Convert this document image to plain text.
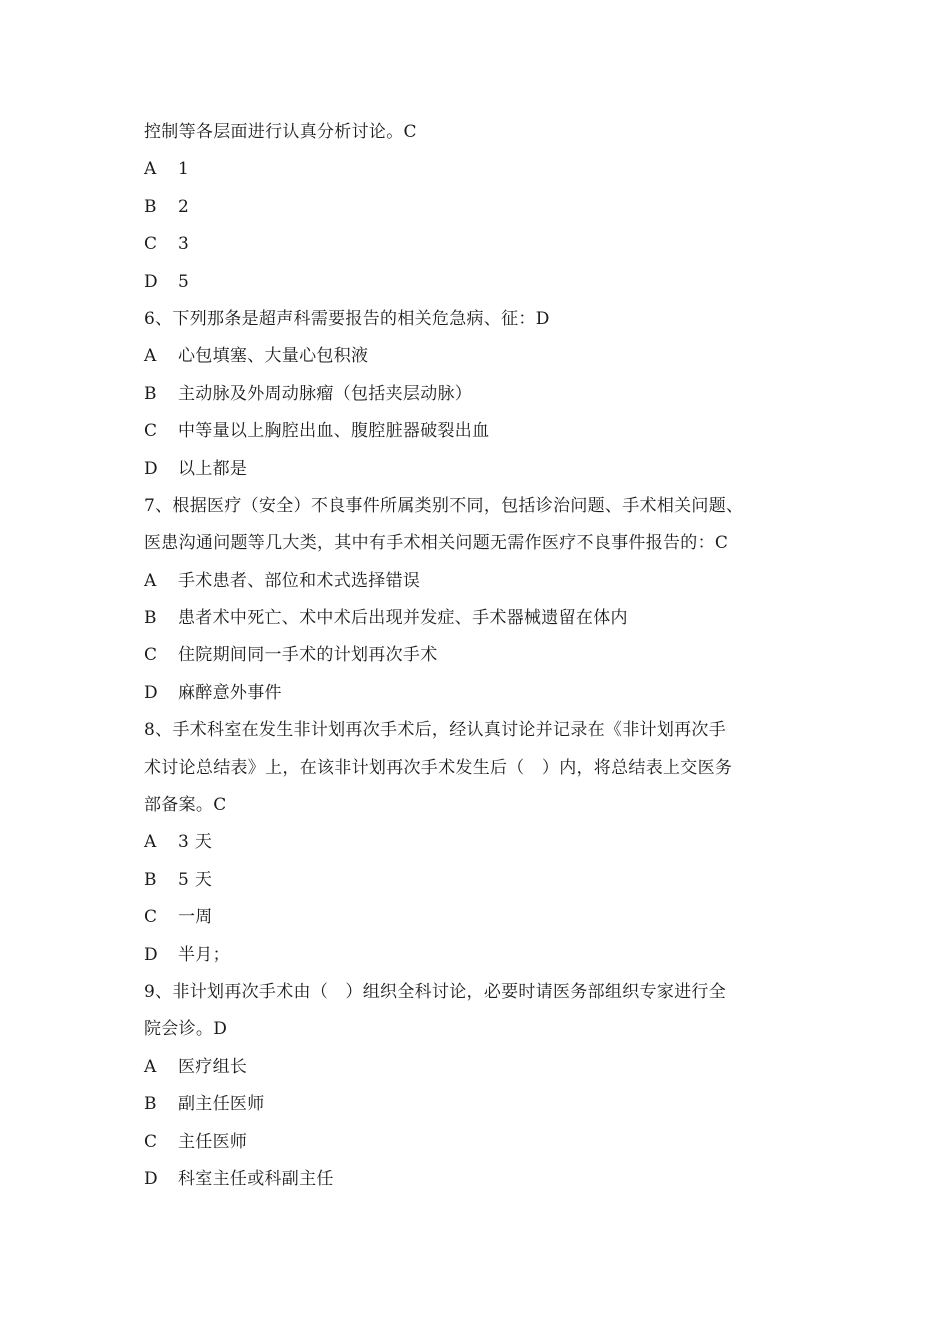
控制等各层面进行认真分析讨论。C
A	1
B	2
C	3
D	5
6、下列那条是超声科需要报告的相关危急病、征：D
A	心包填塞、大量心包积液
B	主动脉及外周动脉瘤（包括夹层动脉）
C	中等量以上胸腔出血、腹腔脏器破裂出血
D	以上都是
7、根据医疗（安全）不良事件所属类别不同，包括诊治问题、手术相关问题、
医患沟通问题等几大类，其中有手术相关问题无需作医疗不良事件报告的：C
A	手术患者、部位和术式选择错误
B	患者术中死亡、术中术后出现并发症、手术器械遗留在体内
C	住院期间同一手术的计划再次手术
D	麻醉意外事件
8、手术科室在发生非计划再次手术后，经认真讨论并记录在《非计划再次手
术讨论总结表》上，在该非计划再次手术发生后（　）内，将总结表上交医务
部备案。C
A	3 天
B	5 天
C	一周
D	半月；
9、非计划再次手术由（　）组织全科讨论，必要时请医务部组织专家进行全
院会诊。D
A	医疗组长
B	副主任医师
C	主任医师
D	科室主任或科副主任
